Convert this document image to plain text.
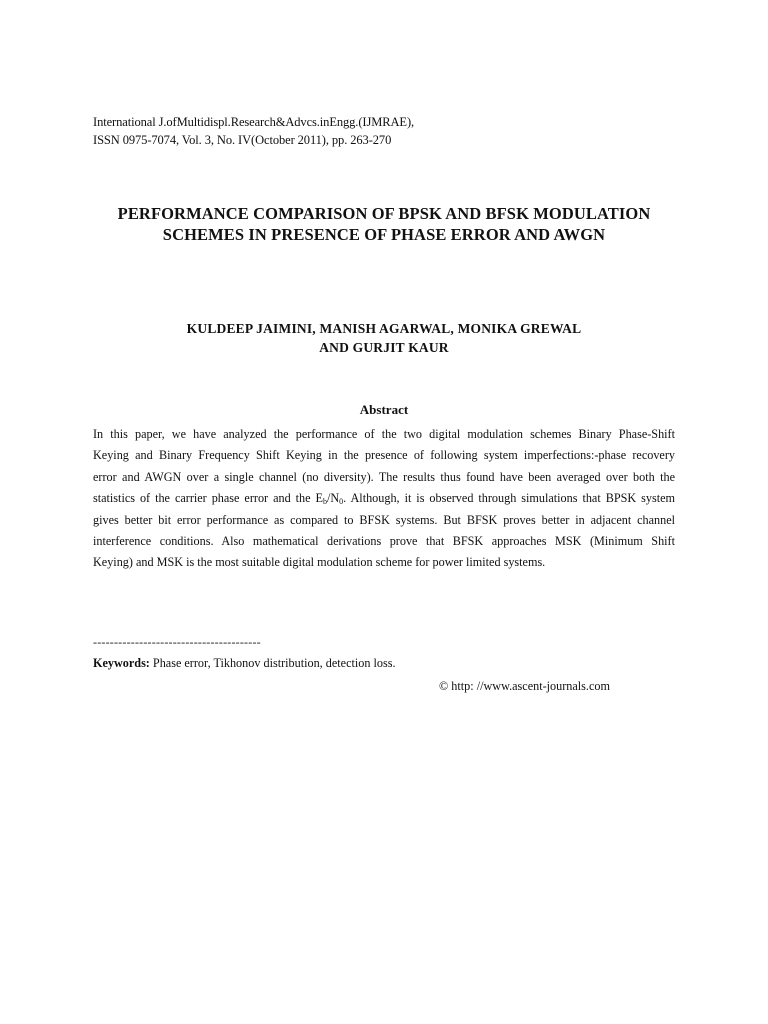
International J.ofMultidispl.Research&Advcs.inEngg.(IJMRAE),
ISSN 0975-7074, Vol. 3, No. IV(October 2011), pp. 263-270
PERFORMANCE COMPARISON OF BPSK AND BFSK MODULATION
SCHEMES IN PRESENCE OF PHASE ERROR AND AWGN
KULDEEP JAIMINI, MANISH AGARWAL, MONIKA GREWAL
AND GURJIT KAUR
Abstract
In this paper, we have analyzed the performance of the two digital modulation schemes Binary Phase-Shift
Keying and Binary Frequency Shift Keying in the presence of following system imperfections:-phase recovery
error and AWGN over a single channel (no diversity). The results thus found have been averaged over both the
statistics of the carrier phase error and the $E_b/N_0$. Although, it is observed through simulations that BPSK system
gives better bit error performance as compared to BFSK systems. But BFSK proves better in adjacent channel
interference conditions. Also mathematical derivations prove that BFSK approaches MSK (Minimum Shift
Keying) and MSK is the most suitable digital modulation scheme for power limited systems.
----------------------------------------
Keywords: Phase error, Tikhonov distribution, detection loss.
© http: //www.ascent-journals.com
